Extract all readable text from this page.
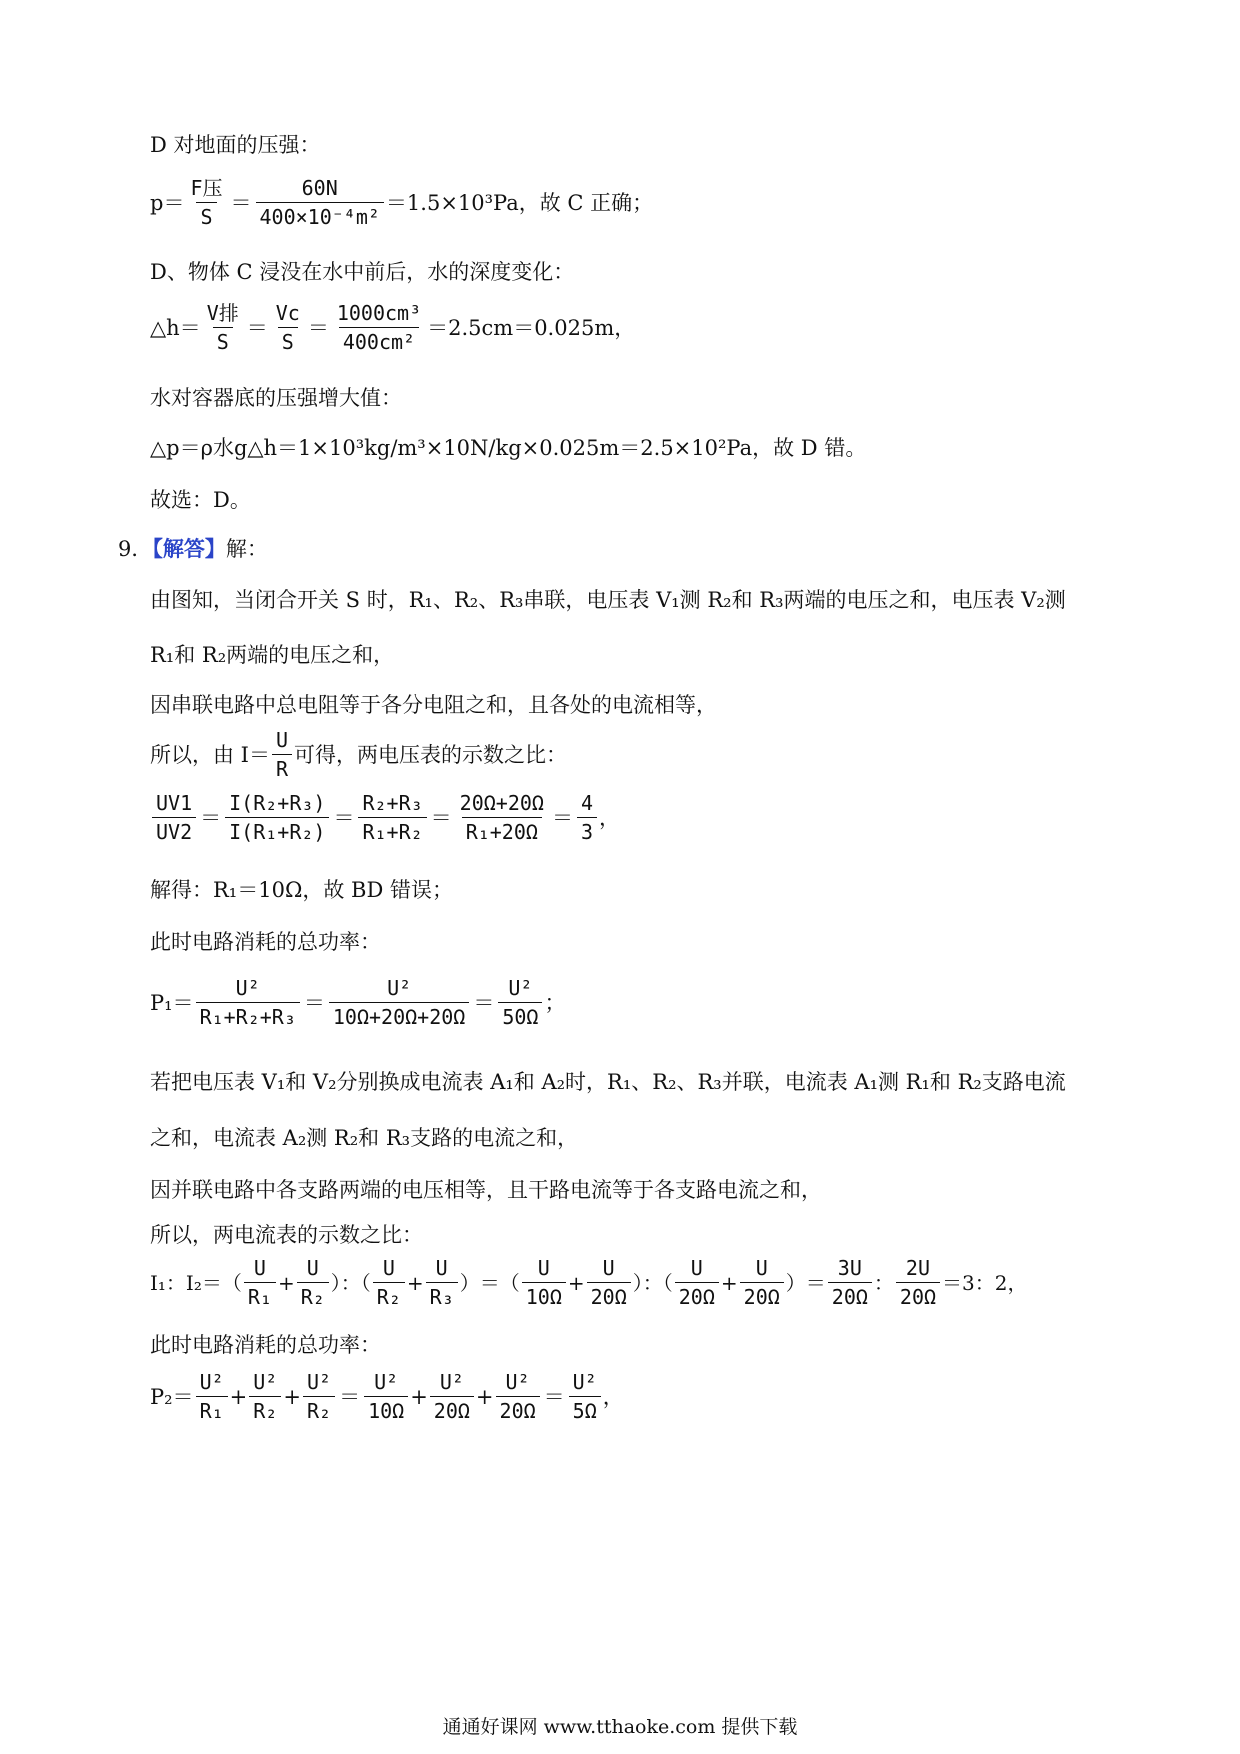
D 对地面的压强：
$p= \frac{\text{F压}}{S} = \frac{60N}{\text{400×10⁻⁴m²}} =1.5\times 10^3Pa$，故 C 正确；
D、物体 C 浸没在水中前后，水的深度变化：
△h＝ $\frac{\text{V排}}{S} = \frac{Vc}{S} = \frac{\text{1000cm³}}{\text{400cm²}} =2.5cm=0.025m$，
水对容器底的压强增大值：
△p＝ρ水g△h＝1×10³kg/m³×10N/kg×0.025m＝2.5×10²Pa，故 D 错。
故选：D。
9．【解答】解：
由图知，当闭合开关 S 时，R₁、R₂、R₃串联，电压表 V₁测 R₂和 R₃两端的电压之和，电压表 V₂测
R₁和 R₂两端的电压之和，
因串联电路中总电阻等于各分电阻之和，且各处的电流相等，
所以，由 $I= \frac{U}{R}$ 可得，两电压表的示数之比：
$\frac{UV1}{UV2} = \frac{\text{I(R₂+R₃)}}{\text{I(R₁+R₂)}} = \frac{\text{R₂+R₃}}{\text{R₁+R₂}} = \frac{20\Omega+20\Omega}{\text{R₁+20Ω}} = \frac{4}{3}$ ，
解得：R₁＝10Ω，故 BD 错误；
此时电路消耗的总功率：
$P_1= \frac{\text{U²}}{\text{R₁+R₂+R₃}} = \frac{\text{U²}}{10\Omega+20\Omega+20\Omega} = \frac{\text{U²}}{50\Omega}$ ；
若把电压表 V₁和 V₂分别换成电流表 A₁和 A₂时，R₁、R₂、R₃并联，电流表 A₁测 R₁和 R₂支路电流
之和，电流表 A₂测 R₂和 R₃支路的电流之和，
因并联电路中各支路两端的电压相等，且干路电流等于各支路电流之和，
所以，两电流表的示数之比：
I₁：$I_2=( \frac{U}{\text{R₁}} + \frac{U}{\text{R₂}}$ ）：（ $\frac{U}{\text{R₂}} + \frac{U}{\text{R₃}}$ ）＝（ $\frac{U}{10\Omega} + \frac{U}{20\Omega}$ ）：（ $\frac{U}{20\Omega} + \frac{U}{20\Omega}$ ）＝ $\frac{3U}{20\Omega}$ ： $\frac{2U}{20\Omega} =3$：2，
此时电路消耗的总功率：
$P_2= \frac{\text{U²}}{\text{R₁}} + \frac{\text{U²}}{\text{R₂}} + \frac{\text{U²}}{\text{R₂}} = \frac{\text{U²}}{10\Omega} + \frac{\text{U²}}{20\Omega} + \frac{\text{U²}}{20\Omega} = \frac{\text{U²}}{5\Omega}$ ，
通通好课网 www.tthaoke.com 提供下载
